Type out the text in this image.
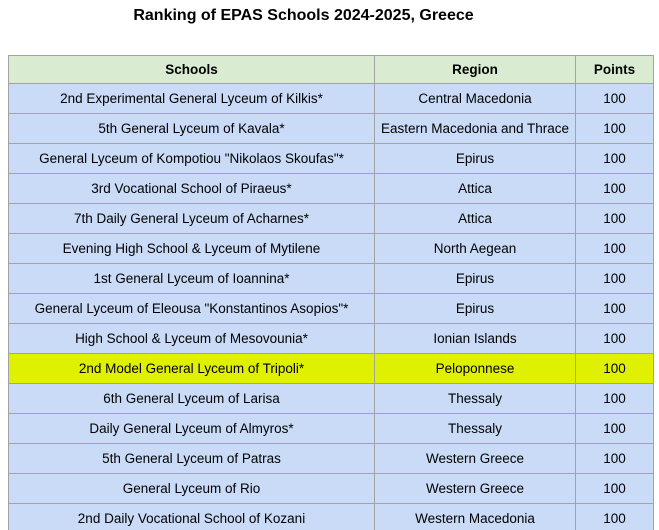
Ranking of EPAS Schools 2024-2025, Greece
Schools	Region	Points
2nd Experimental General Lyceum of Kilkis*	Central Macedonia	100
5th General Lyceum of Kavala*	Eastern Macedonia and Thrace	100
General Lyceum of Kompotiou "Nikolaos Skoufas"*	Epirus	100
3rd Vocational School of Piraeus*	Attica	100
7th Daily General Lyceum of Acharnes*	Attica	100
Evening High School & Lyceum of Mytilene	North Aegean	100
1st General Lyceum of Ioannina*	Epirus	100
General Lyceum of Eleousa "Konstantinos Asopios"*	Epirus	100
High School & Lyceum of Mesovounia*	Ionian Islands	100
2nd Model General Lyceum of Tripoli*	Peloponnese	100
6th General Lyceum of Larisa	Thessaly	100
Daily General Lyceum of Almyros*	Thessaly	100
5th General Lyceum of Patras	Western Greece	100
General Lyceum of Rio	Western Greece	100
2nd Daily Vocational School of Kozani	Western Macedonia	100
